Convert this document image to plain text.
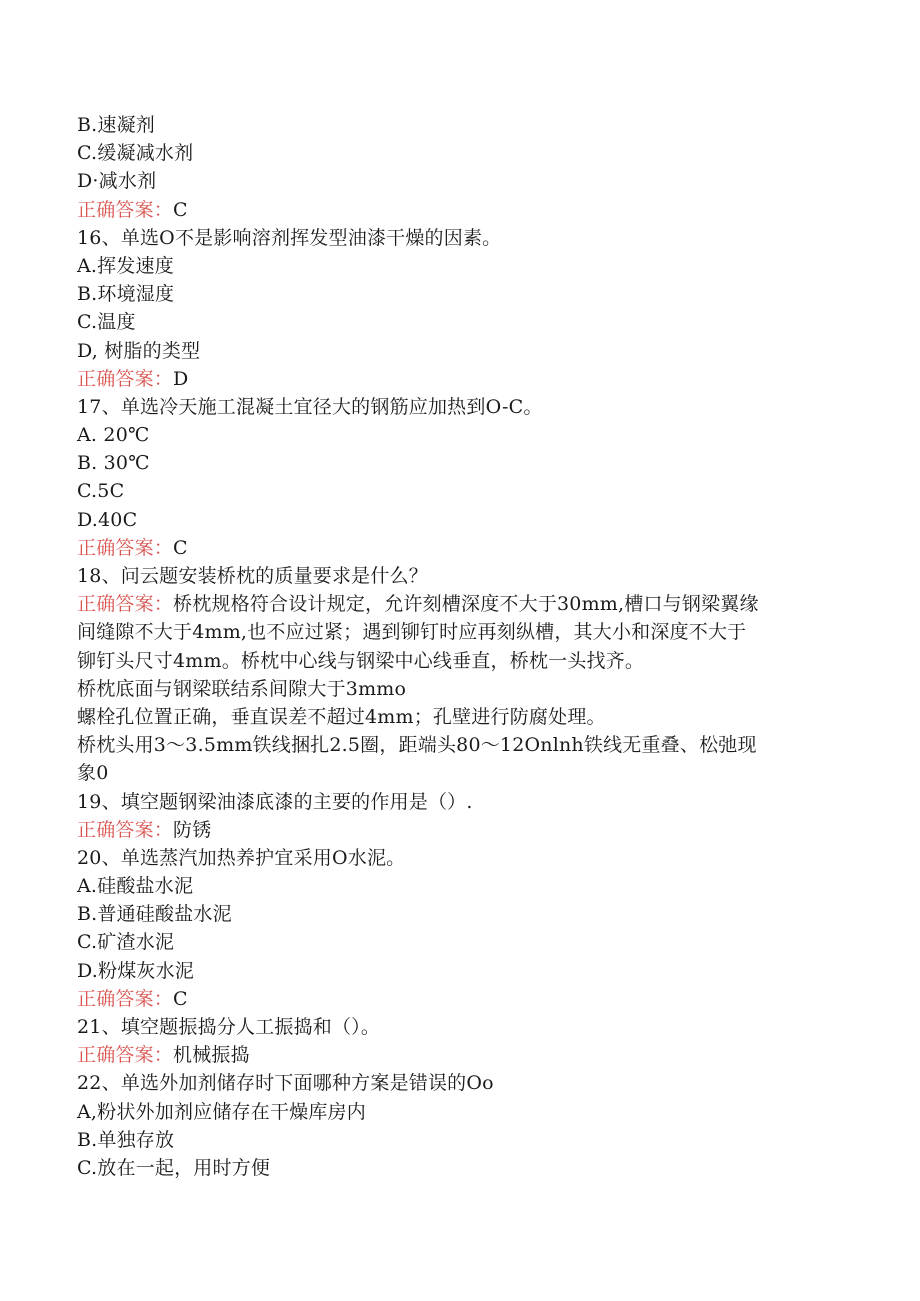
B.速凝剂
C.缓凝减水剂
D·减水剂
正确答案：C
16、单选O不是影响溶剂挥发型油漆干燥的因素。
A.挥发速度
B.环境湿度
C.温度
D, 树脂的类型
正确答案：D
17、单选冷天施工混凝土宜径大的钢筋应加热到O-C。
A. 20℃
B. 30℃
C.5C
D.40C
正确答案：C
18、问云题安装桥枕的质量要求是什么？
正确答案：桥枕规格符合设计规定，允许刻槽深度不大于30mm,槽口与钢梁翼缘
间缝隙不大于4mm,也不应过紧；遇到铆钉时应再刻纵槽，其大小和深度不大于
铆钉头尺寸4mm。桥枕中心线与钢梁中心线垂直，桥枕一头找齐。
桥枕底面与钢梁联结系间隙大于3mmo
螺栓孔位置正确，垂直误差不超过4mm；孔壁进行防腐处理。
桥枕头用3～3.5mm铁线捆扎2.5圈，距端头80～12Onlnh铁线无重叠、松弛现
象0
19、填空题钢梁油漆底漆的主要的作用是（）.
正确答案：防锈
20、单选蒸汽加热养护宜采用O水泥。
A.硅酸盐水泥
B.普通硅酸盐水泥
C.矿渣水泥
D.粉煤灰水泥
正确答案：C
21、填空题振捣分人工振捣和（）。
正确答案：机械振捣
22、单选外加剂储存时下面哪种方案是错误的Oo
A,粉状外加剂应储存在干燥库房内
B.单独存放
C.放在一起，用时方便
